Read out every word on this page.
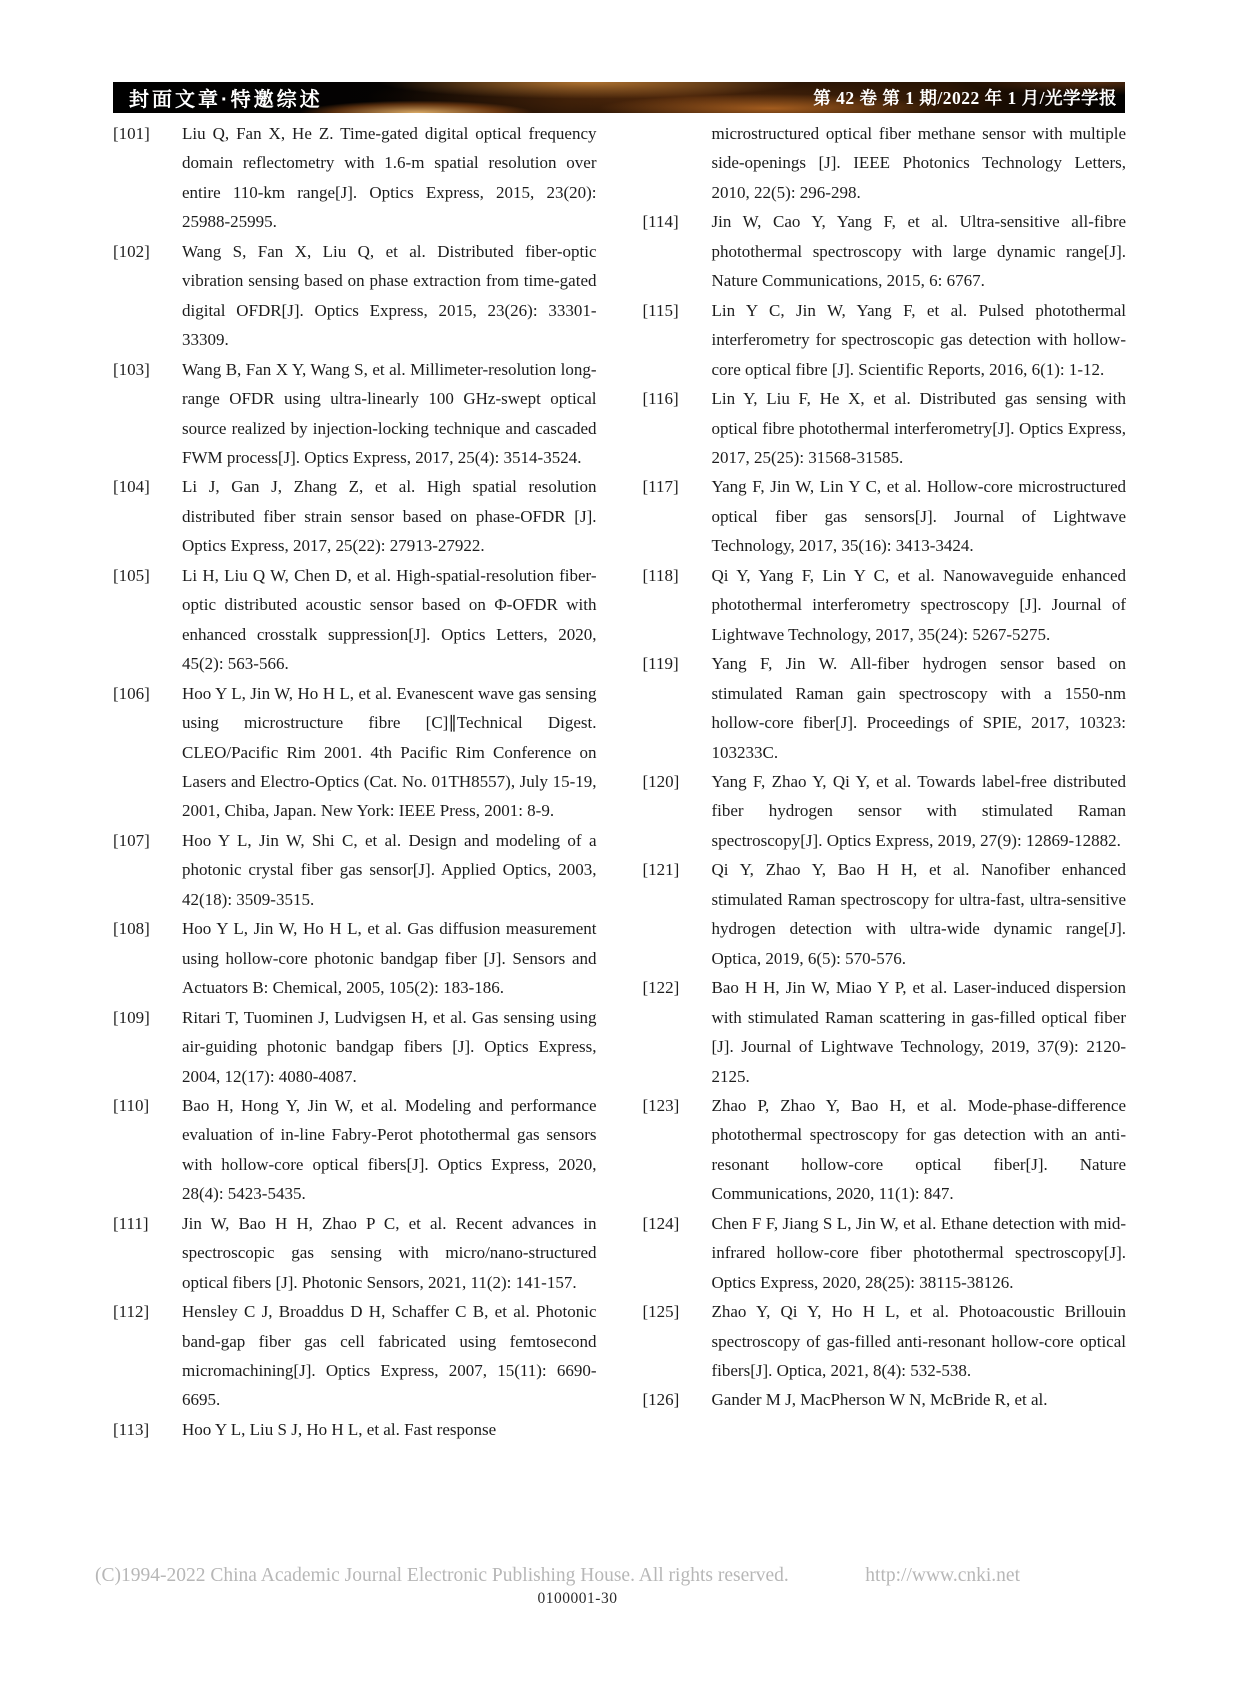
封面文章·特邀综述	第 42 卷 第 1 期/2022 年 1 月/光学学报
[101] Liu Q, Fan X, He Z. Time-gated digital optical frequency domain reflectometry with 1.6-m spatial resolution over entire 110-km range[J]. Optics Express, 2015, 23(20): 25988-25995.
[102] Wang S, Fan X, Liu Q, et al. Distributed fiber-optic vibration sensing based on phase extraction from time-gated digital OFDR[J]. Optics Express, 2015, 23(26): 33301-33309.
[103] Wang B, Fan X Y, Wang S, et al. Millimeter-resolution long-range OFDR using ultra-linearly 100 GHz-swept optical source realized by injection-locking technique and cascaded FWM process[J]. Optics Express, 2017, 25(4): 3514-3524.
[104] Li J, Gan J, Zhang Z, et al. High spatial resolution distributed fiber strain sensor based on phase-OFDR [J]. Optics Express, 2017, 25(22): 27913-27922.
[105] Li H, Liu Q W, Chen D, et al. High-spatial-resolution fiber-optic distributed acoustic sensor based on Φ-OFDR with enhanced crosstalk suppression[J]. Optics Letters, 2020, 45(2): 563-566.
[106] Hoo Y L, Jin W, Ho H L, et al. Evanescent wave gas sensing using microstructure fibre [C]∥Technical Digest. CLEO/Pacific Rim 2001. 4th Pacific Rim Conference on Lasers and Electro-Optics (Cat. No. 01TH8557), July 15-19, 2001, Chiba, Japan. New York: IEEE Press, 2001: 8-9.
[107] Hoo Y L, Jin W, Shi C, et al. Design and modeling of a photonic crystal fiber gas sensor[J]. Applied Optics, 2003, 42(18): 3509-3515.
[108] Hoo Y L, Jin W, Ho H L, et al. Gas diffusion measurement using hollow-core photonic bandgap fiber [J]. Sensors and Actuators B: Chemical, 2005, 105(2): 183-186.
[109] Ritari T, Tuominen J, Ludvigsen H, et al. Gas sensing using air-guiding photonic bandgap fibers [J]. Optics Express, 2004, 12(17): 4080-4087.
[110] Bao H, Hong Y, Jin W, et al. Modeling and performance evaluation of in-line Fabry-Perot photothermal gas sensors with hollow-core optical fibers[J]. Optics Express, 2020, 28(4): 5423-5435.
[111] Jin W, Bao H H, Zhao P C, et al. Recent advances in spectroscopic gas sensing with micro/nano-structured optical fibers [J]. Photonic Sensors, 2021, 11(2): 141-157.
[112] Hensley C J, Broaddus D H, Schaffer C B, et al. Photonic band-gap fiber gas cell fabricated using femtosecond micromachining[J]. Optics Express, 2007, 15(11): 6690-6695.
[113] Hoo Y L, Liu S J, Ho H L, et al. Fast response
microstructured optical fiber methane sensor with multiple side-openings [J]. IEEE Photonics Technology Letters, 2010, 22(5): 296-298.
[114] Jin W, Cao Y, Yang F, et al. Ultra-sensitive all-fibre photothermal spectroscopy with large dynamic range[J]. Nature Communications, 2015, 6: 6767.
[115] Lin Y C, Jin W, Yang F, et al. Pulsed photothermal interferometry for spectroscopic gas detection with hollow-core optical fibre [J]. Scientific Reports, 2016, 6(1): 1-12.
[116] Lin Y, Liu F, He X, et al. Distributed gas sensing with optical fibre photothermal interferometry[J]. Optics Express, 2017, 25(25): 31568-31585.
[117] Yang F, Jin W, Lin Y C, et al. Hollow-core microstructured optical fiber gas sensors[J]. Journal of Lightwave Technology, 2017, 35(16): 3413-3424.
[118] Qi Y, Yang F, Lin Y C, et al. Nanowaveguide enhanced photothermal interferometry spectroscopy [J]. Journal of Lightwave Technology, 2017, 35(24): 5267-5275.
[119] Yang F, Jin W. All-fiber hydrogen sensor based on stimulated Raman gain spectroscopy with a 1550-nm hollow-core fiber[J]. Proceedings of SPIE, 2017, 10323: 103233C.
[120] Yang F, Zhao Y, Qi Y, et al. Towards label-free distributed fiber hydrogen sensor with stimulated Raman spectroscopy[J]. Optics Express, 2019, 27(9): 12869-12882.
[121] Qi Y, Zhao Y, Bao H H, et al. Nanofiber enhanced stimulated Raman spectroscopy for ultra-fast, ultra-sensitive hydrogen detection with ultra-wide dynamic range[J]. Optica, 2019, 6(5): 570-576.
[122] Bao H H, Jin W, Miao Y P, et al. Laser-induced dispersion with stimulated Raman scattering in gas-filled optical fiber [J]. Journal of Lightwave Technology, 2019, 37(9): 2120-2125.
[123] Zhao P, Zhao Y, Bao H, et al. Mode-phase-difference photothermal spectroscopy for gas detection with an anti-resonant hollow-core optical fiber[J]. Nature Communications, 2020, 11(1): 847.
[124] Chen F F, Jiang S L, Jin W, et al. Ethane detection with mid-infrared hollow-core fiber photothermal spectroscopy[J]. Optics Express, 2020, 28(25): 38115-38126.
[125] Zhao Y, Qi Y, Ho H L, et al. Photoacoustic Brillouin spectroscopy of gas-filled anti-resonant hollow-core optical fibers[J]. Optica, 2021, 8(4): 532-538.
[126] Gander M J, MacPherson W N, McBride R, et al.
(C)1994-2022 China Academic Journal Electronic Publishing House. All rights reserved.	http://www.cnki.net
0100001-30
